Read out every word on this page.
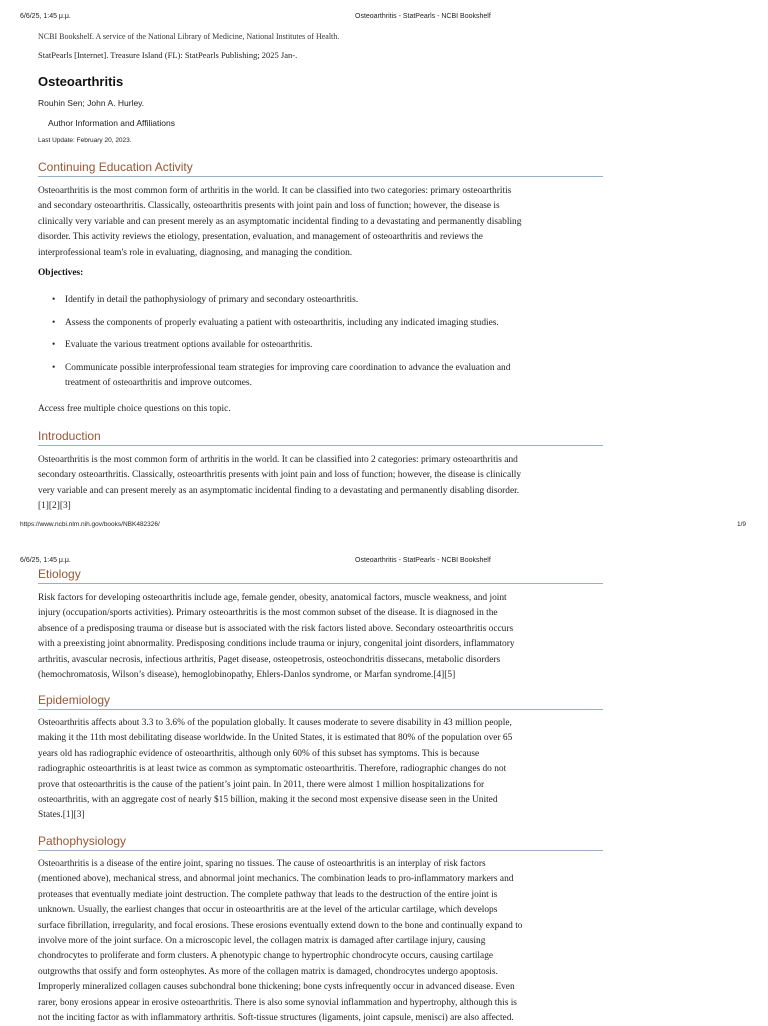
6/6/25, 1:45 μ.μ.	Osteoarthritis - StatPearls - NCBI Bookshelf
NCBI Bookshelf. A service of the National Library of Medicine, National Institutes of Health.
StatPearls [Internet]. Treasure Island (FL): StatPearls Publishing; 2025 Jan-.
Osteoarthritis
Rouhin Sen; John A. Hurley.
Author Information and Affiliations
Last Update: February 20, 2023.
Continuing Education Activity
Osteoarthritis is the most common form of arthritis in the world. It can be classified into two categories: primary osteoarthritis
and secondary osteoarthritis. Classically, osteoarthritis presents with joint pain and loss of function; however, the disease is
clinically very variable and can present merely as an asymptomatic incidental finding to a devastating and permanently disabling
disorder. This activity reviews the etiology, presentation, evaluation, and management of osteoarthritis and reviews the
interprofessional team's role in evaluating, diagnosing, and managing the condition.
Objectives:
• Identify in detail the pathophysiology of primary and secondary osteoarthritis.
• Assess the components of properly evaluating a patient with osteoarthritis, including any indicated imaging studies.
• Evaluate the various treatment options available for osteoarthritis.
• Communicate possible interprofessional team strategies for improving care coordination to advance the evaluation and
treatment of osteoarthritis and improve outcomes.
Access free multiple choice questions on this topic.
Introduction
Osteoarthritis is the most common form of arthritis in the world. It can be classified into 2 categories: primary osteoarthritis and
secondary osteoarthritis. Classically, osteoarthritis presents with joint pain and loss of function; however, the disease is clinically
very variable and can present merely as an asymptomatic incidental finding to a devastating and permanently disabling disorder.
[1][2][3]
https://www.ncbi.nlm.nih.gov/books/NBK482326/	1/9
6/6/25, 1:45 μ.μ.	Osteoarthritis - StatPearls - NCBI Bookshelf
Etiology
Risk factors for developing osteoarthritis include age, female gender, obesity, anatomical factors, muscle weakness, and joint
injury (occupation/sports activities). Primary osteoarthritis is the most common subset of the disease. It is diagnosed in the
absence of a predisposing trauma or disease but is associated with the risk factors listed above. Secondary osteoarthritis occurs
with a preexisting joint abnormality. Predisposing conditions include trauma or injury, congenital joint disorders, inflammatory
arthritis, avascular necrosis, infectious arthritis, Paget disease, osteopetrosis, osteochondritis dissecans, metabolic disorders
(hemochromatosis, Wilson’s disease), hemoglobinopathy, Ehlers-Danlos syndrome, or Marfan syndrome.[4][5]
Epidemiology
Osteoarthritis affects about 3.3 to 3.6% of the population globally. It causes moderate to severe disability in 43 million people,
making it the 11th most debilitating disease worldwide. In the United States, it is estimated that 80% of the population over 65
years old has radiographic evidence of osteoarthritis, although only 60% of this subset has symptoms. This is because
radiographic osteoarthritis is at least twice as common as symptomatic osteoarthritis. Therefore, radiographic changes do not
prove that osteoarthritis is the cause of the patient’s joint pain. In 2011, there were almost 1 million hospitalizations for
osteoarthritis, with an aggregate cost of nearly $15 billion, making it the second most expensive disease seen in the United
States.[1][3]
Pathophysiology
Osteoarthritis is a disease of the entire joint, sparing no tissues. The cause of osteoarthritis is an interplay of risk factors
(mentioned above), mechanical stress, and abnormal joint mechanics. The combination leads to pro-inflammatory markers and
proteases that eventually mediate joint destruction. The complete pathway that leads to the destruction of the entire joint is
unknown. Usually, the earliest changes that occur in osteoarthritis are at the level of the articular cartilage, which develops
surface fibrillation, irregularity, and focal erosions. These erosions eventually extend down to the bone and continually expand to
involve more of the joint surface. On a microscopic level, the collagen matrix is damaged after cartilage injury, causing
chondrocytes to proliferate and form clusters. A phenotypic change to hypertrophic chondrocyte occurs, causing cartilage
outgrowths that ossify and form osteophytes. As more of the collagen matrix is damaged, chondrocytes undergo apoptosis.
Improperly mineralized collagen causes subchondral bone thickening; bone cysts infrequently occur in advanced disease. Even
rarer, bony erosions appear in erosive osteoarthritis. There is also some synovial inflammation and hypertrophy, although this is
not the inciting factor as with inflammatory arthritis. Soft-tissue structures (ligaments, joint capsule, menisci) are also affected.
